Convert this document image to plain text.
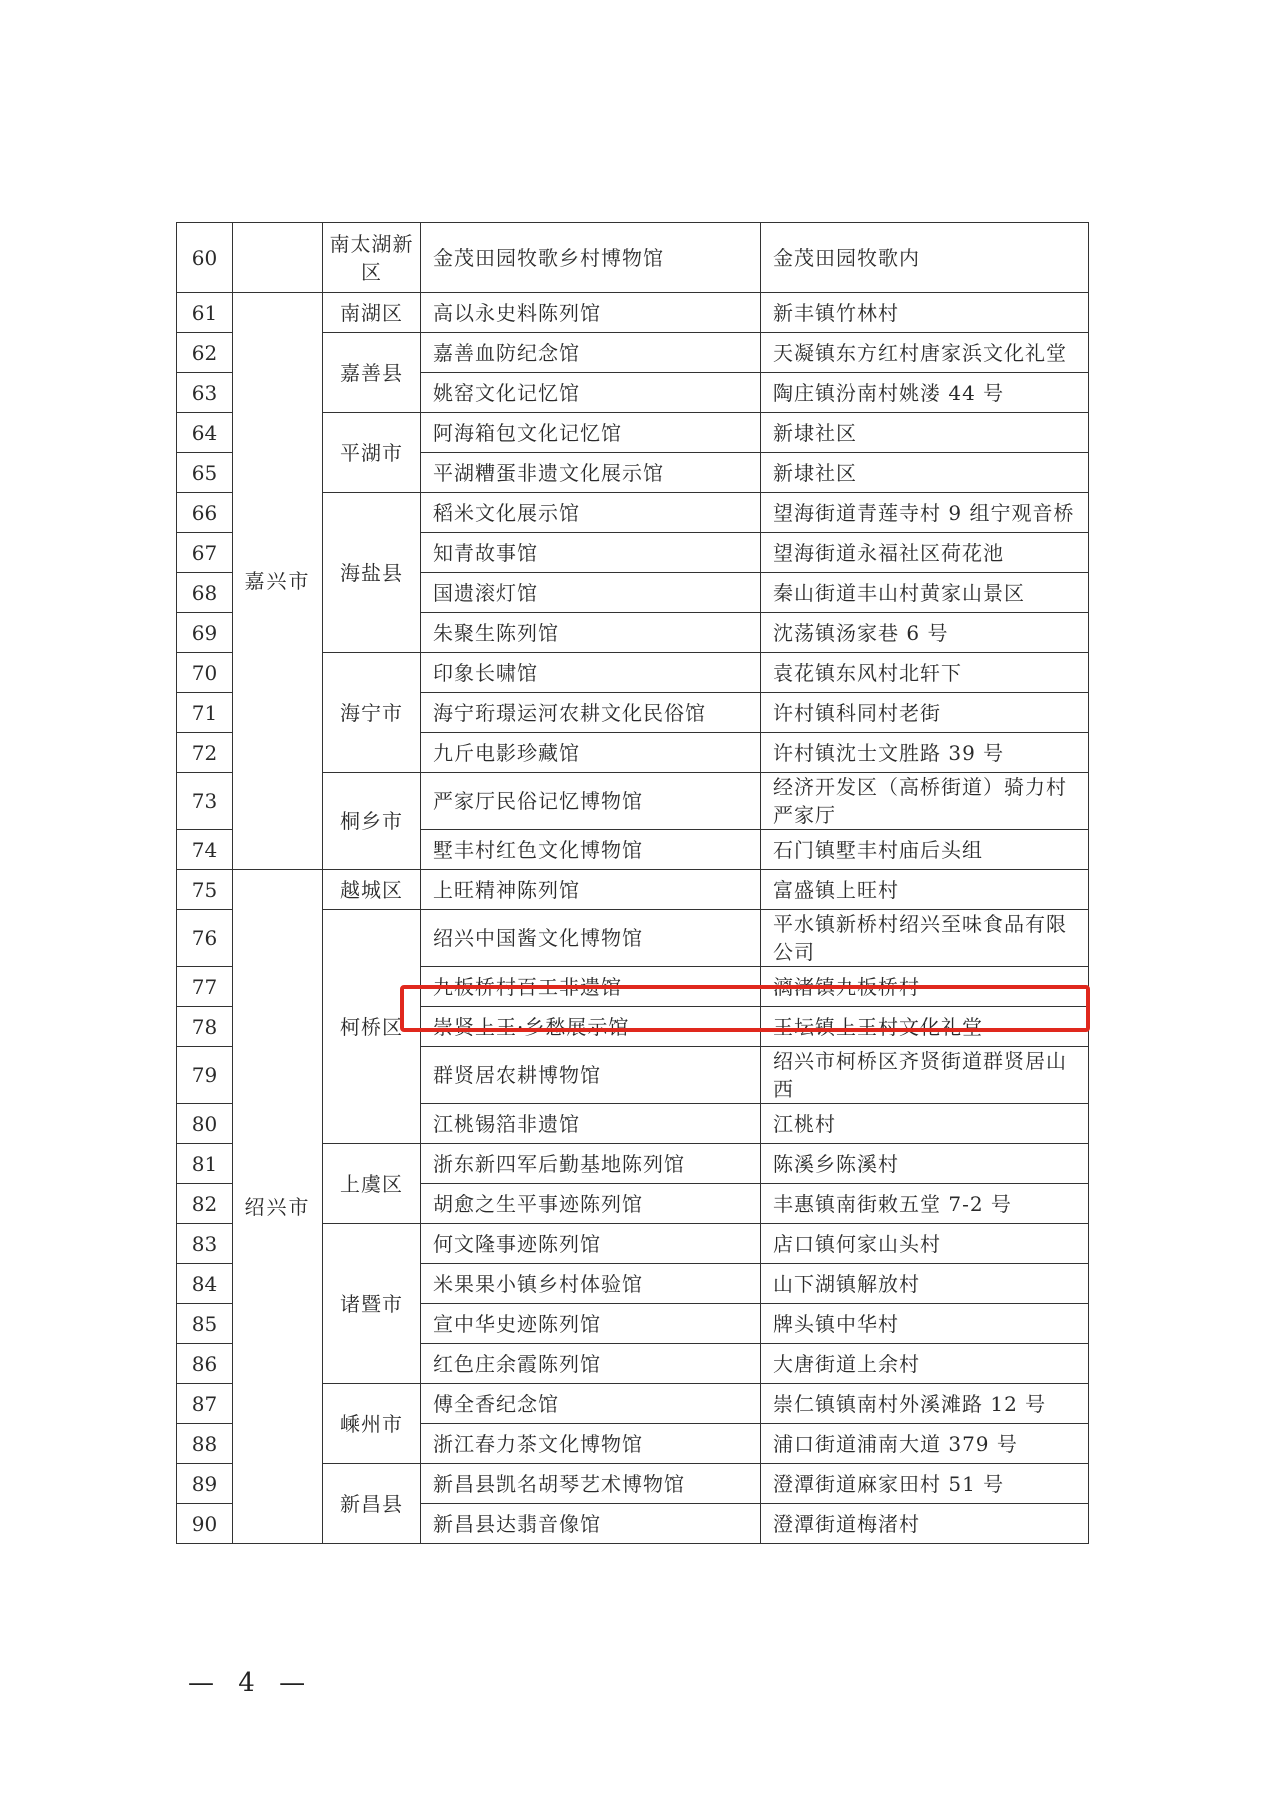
60		南太湖新区	金茂田园牧歌乡村博物馆	金茂田园牧歌内
61	嘉兴市	南湖区	高以永史料陈列馆	新丰镇竹林村
62		嘉善县	嘉善血防纪念馆	天凝镇东方红村唐家浜文化礼堂
63			姚窑文化记忆馆	陶庄镇汾南村姚溇 44 号
64		平湖市	阿海箱包文化记忆馆	新埭社区
65			平湖糟蛋非遗文化展示馆	新埭社区
66		海盐县	稻米文化展示馆	望海街道青莲寺村 9 组宁观音桥
67			知青故事馆	望海街道永福社区荷花池
68			国遗滚灯馆	秦山街道丰山村黄家山景区
69			朱聚生陈列馆	沈荡镇汤家巷 6 号
70		海宁市	印象长啸馆	袁花镇东风村北轩下
71			海宁珩璟运河农耕文化民俗馆	许村镇科同村老街
72			九斤电影珍藏馆	许村镇沈士文胜路 39 号
73		桐乡市	严家厅民俗记忆博物馆	经济开发区（高桥街道）骑力村严家厅
74			墅丰村红色文化博物馆	石门镇墅丰村庙后头组
75	绍兴市	越城区	上旺精神陈列馆	富盛镇上旺村
76		柯桥区	绍兴中国酱文化博物馆	平水镇新桥村绍兴至味食品有限公司
77			九板桥村百工非遗馆	漓渚镇九板桥村
78			崇贤上王·乡愁展示馆	王坛镇上王村文化礼堂
79			群贤居农耕博物馆	绍兴市柯桥区齐贤街道群贤居山西
80			江桃锡箔非遗馆	江桃村
81		上虞区	浙东新四军后勤基地陈列馆	陈溪乡陈溪村
82			胡愈之生平事迹陈列馆	丰惠镇南街敕五堂 7-2 号
83		诸暨市	何文隆事迹陈列馆	店口镇何家山头村
84			米果果小镇乡村体验馆	山下湖镇解放村
85			宣中华史迹陈列馆	牌头镇中华村
86			红色庄余霞陈列馆	大唐街道上余村
87		嵊州市	傅全香纪念馆	崇仁镇镇南村外溪滩路 12 号
88			浙江春力茶文化博物馆	浦口街道浦南大道 379 号
89		新昌县	新昌县凯名胡琴艺术博物馆	澄潭街道麻家田村 51 号
90			新昌县达翡音像馆	澄潭街道梅渚村
— 4 —
